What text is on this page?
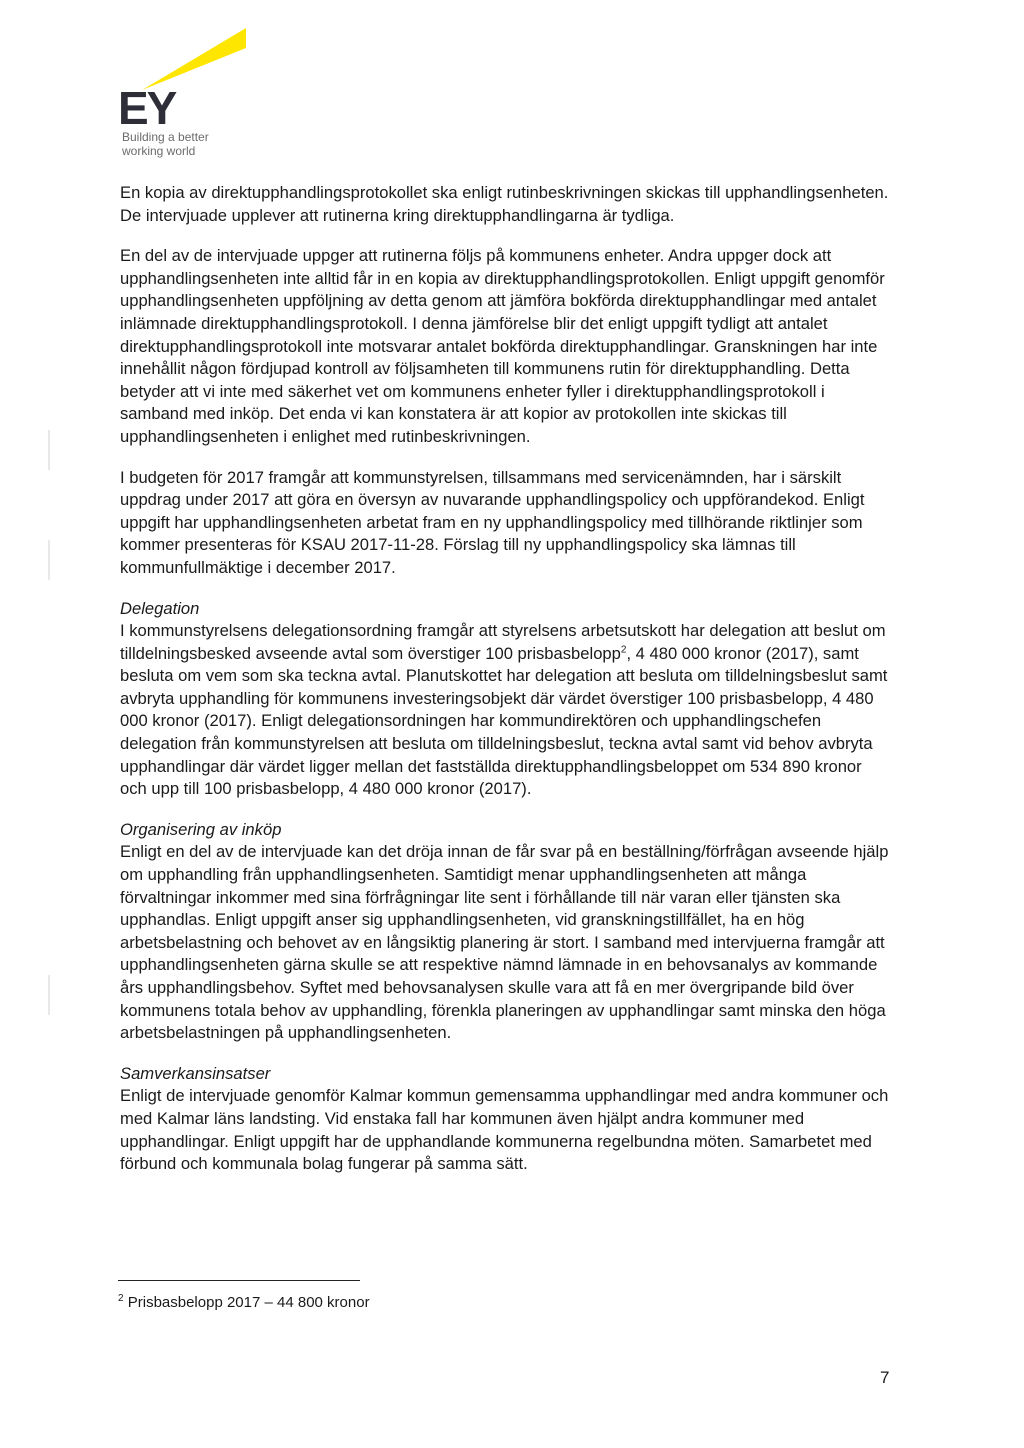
EY
Building a better
working world

En kopia av direktupphandlingsprotokollet ska enligt rutinbeskrivningen skickas till upphandlingsenheten. De intervjuade upplever att rutinerna kring direktupphandlingarna är tydliga.

En del av de intervjuade uppger att rutinerna följs på kommunens enheter. Andra uppger dock att upphandlingsenheten inte alltid får in en kopia av direktupphandlingsprotokollen. Enligt uppgift genomför upphandlingsenheten uppföljning av detta genom att jämföra bokförda direktupphandlingar med antalet inlämnade direktupphandlingsprotokoll. I denna jämförelse blir det enligt uppgift tydligt att antalet direktupphandlingsprotokoll inte motsvarar antalet bokförda direktupphandlingar. Granskningen har inte innehållit någon fördjupad kontroll av följsamheten till kommunens rutin för direktupphandling. Detta betyder att vi inte med säkerhet vet om kommunens enheter fyller i direktupphandlingsprotokoll i samband med inköp. Det enda vi kan konstatera är att kopior av protokollen inte skickas till upphandlingsenheten i enlighet med rutinbeskrivningen.

I budgeten för 2017 framgår att kommunstyrelsen, tillsammans med servicenämnden, har i särskilt uppdrag under 2017 att göra en översyn av nuvarande upphandlingspolicy och uppförandekod. Enligt uppgift har upphandlingsenheten arbetat fram en ny upphandlingspolicy med tillhörande riktlinjer som kommer presenteras för KSAU 2017-11-28. Förslag till ny upphandlingspolicy ska lämnas till kommunfullmäktige i december 2017.

Delegation

I kommunstyrelsens delegationsordning framgår att styrelsens arbetsutskott har delegation att beslut om tilldelningsbesked avseende avtal som överstiger 100 prisbasbelopp$^2$, 4 480 000 kronor (2017), samt besluta om vem som ska teckna avtal. Planutskottet har delegation att besluta om tilldelningsbeslut samt avbryta upphandling för kommunens investeringsobjekt där värdet överstiger 100 prisbasbelopp, 4 480 000 kronor (2017). Enligt delegationsordningen har kommundirektören och upphandlingschefen delegation från kommunstyrelsen att besluta om tilldelningsbeslut, teckna avtal samt vid behov avbryta upphandlingar där värdet ligger mellan det fastställda direktupphandlingsbeloppet om 534 890 kronor och upp till 100 prisbasbelopp, 4 480 000 kronor (2017).

Organisering av inköp

Enligt en del av de intervjuade kan det dröja innan de får svar på en beställning/förfrågan avseende hjälp om upphandling från upphandlingsenheten. Samtidigt menar upphandlingsenheten att många förvaltningar inkommer med sina förfrågningar lite sent i förhållande till när varan eller tjänsten ska upphandlas. Enligt uppgift anser sig upphandlingsenheten, vid granskningstillfället, ha en hög arbetsbelastning och behovet av en långsiktig planering är stort. I samband med intervjuerna framgår att upphandlingsenheten gärna skulle se att respektive nämnd lämnade in en behovsanalys av kommande års upphandlingsbehov. Syftet med behovsanalysen skulle vara att få en mer övergripande bild över kommunens totala behov av upphandling, förenkla planeringen av upphandlingar samt minska den höga arbetsbelastningen på upphandlingsenheten.

Samverkansinsatser

Enligt de intervjuade genomför Kalmar kommun gemensamma upphandlingar med andra kommuner och med Kalmar läns landsting. Vid enstaka fall har kommunen även hjälpt andra kommuner med upphandlingar. Enligt uppgift har de upphandlande kommunerna regelbundna möten. Samarbetet med förbund och kommunala bolag fungerar på samma sätt.

$^2$ Prisbasbelopp 2017 – 44 800 kronor
7
